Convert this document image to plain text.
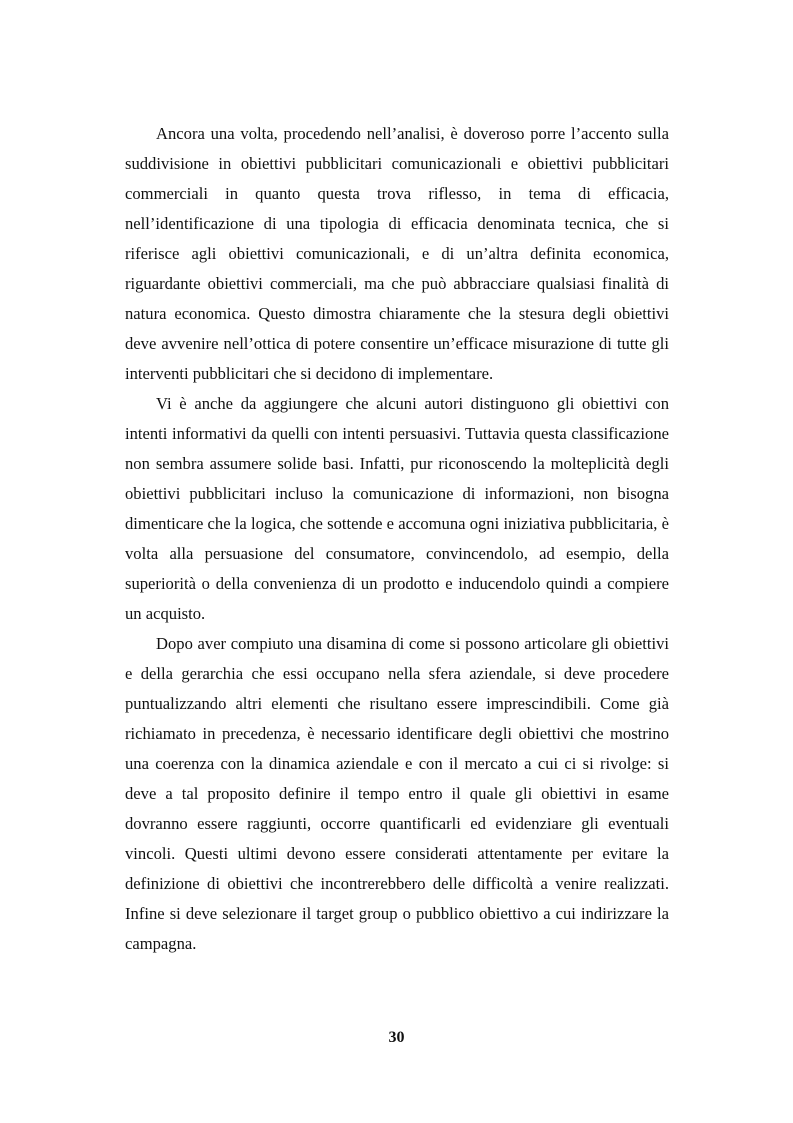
Ancora una volta, procedendo nell’analisi, è doveroso porre l’accento sulla suddivisione in obiettivi pubblicitari comunicazionali e obiettivi pubblicitari commerciali in quanto questa trova riflesso, in tema di efficacia, nell’identificazione di una tipologia di efficacia denominata tecnica, che si riferisce agli obiettivi comunicazionali, e di un’altra definita economica, riguardante obiettivi commerciali, ma che può abbracciare qualsiasi finalità di natura economica. Questo dimostra chiaramente che la stesura degli obiettivi deve avvenire nell’ottica di potere consentire un’efficace misurazione di tutte gli interventi pubblicitari che si decidono di implementare.

Vi è anche da aggiungere che alcuni autori distinguono gli obiettivi con intenti informativi da quelli con intenti persuasivi. Tuttavia questa classificazione non sembra assumere solide basi. Infatti, pur riconoscendo la molteplicità degli obiettivi pubblicitari incluso la comunicazione di informazioni, non bisogna dimenticare che la logica, che sottende e accomuna ogni iniziativa pubblicitaria, è volta alla persuasione del consumatore, convincendolo, ad esempio, della superiorità o della convenienza di un prodotto e inducendolo quindi a compiere un acquisto.

Dopo aver compiuto una disamina di come si possono articolare gli obiettivi e della gerarchia che essi occupano nella sfera aziendale, si deve procedere puntualizzando altri elementi che risultano essere imprescindibili. Come già richiamato in precedenza, è necessario identificare degli obiettivi che mostrino una coerenza con la dinamica aziendale e con il mercato a cui ci si rivolge: si deve a tal proposito definire il tempo entro il quale gli obiettivi in esame dovranno essere raggiunti, occorre quantificarli ed evidenziare gli eventuali vincoli. Questi ultimi devono essere considerati attentamente per evitare la definizione di obiettivi che incontrerebbero delle difficoltà a venire realizzati. Infine si deve selezionare il target group o pubblico obiettivo a cui indirizzare la campagna.

30
